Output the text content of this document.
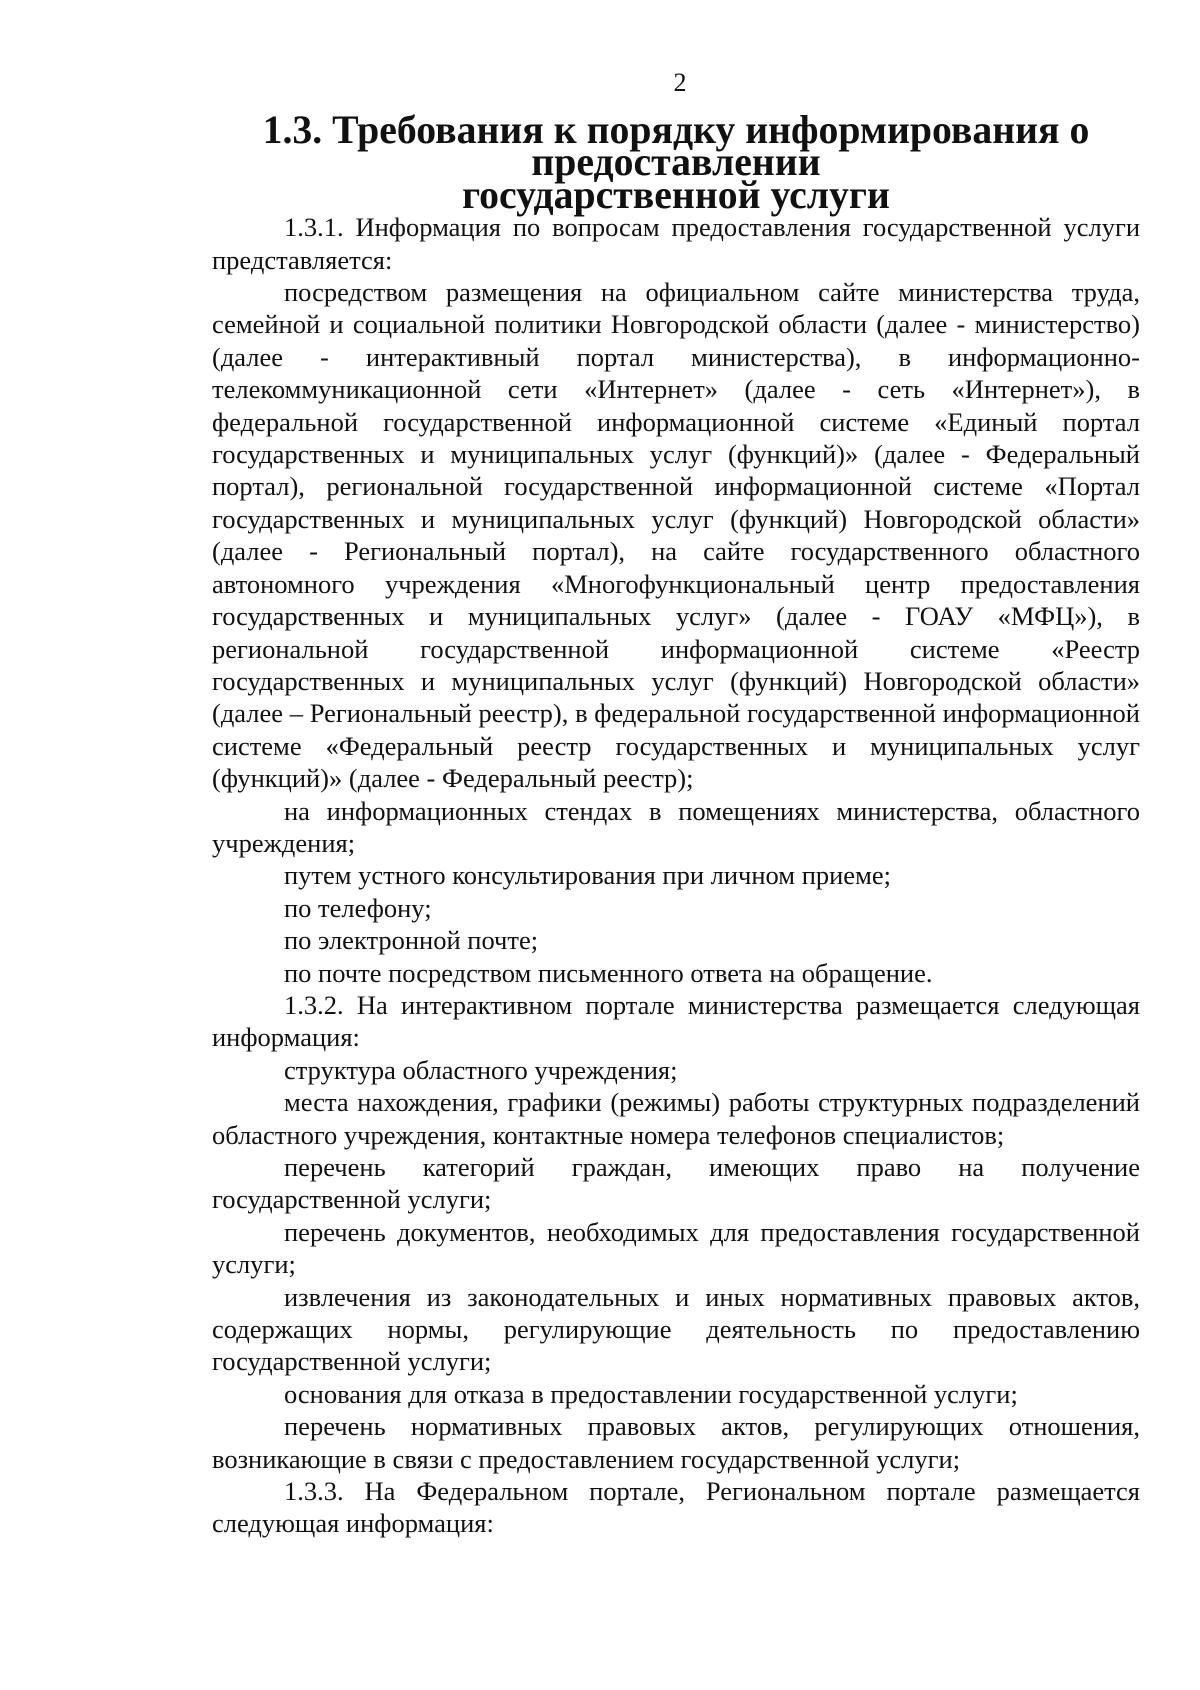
2
1.3. Требования к порядку информирования о предоставлении
государственной услуги

1.3.1. Информация по вопросам предоставления государственной услуги представляется:

посредством размещения на официальном сайте министерства труда, семейной и социальной политики Новгородской области (далее - министерство) (далее - интерактивный портал министерства), в информационно-телекоммуникационной сети «Интернет» (далее - сеть «Интернет»), в федеральной государственной информационной системе «Единый портал государственных и муниципальных услуг (функций)» (далее - Федеральный портал), региональной государственной информационной системе «Портал государственных и муниципальных услуг (функций) Новгородской области» (далее - Региональный портал), на сайте государственного областного автономного учреждения «Многофункциональный центр предоставления государственных и муниципальных услуг» (далее - ГОАУ «МФЦ»), в региональной государственной информационной системе «Реестр государственных и муниципальных услуг (функций) Новгородской области» (далее – Региональный реестр), в федеральной государственной информационной системе «Федеральный реестр государственных и муниципальных услуг (функций)» (далее - Федеральный реестр);

на информационных стендах в помещениях министерства, областного учреждения;

путем устного консультирования при личном приеме;

по телефону;

по электронной почте;

по почте посредством письменного ответа на обращение.

1.3.2. На интерактивном портале министерства размещается следующая информация:

структура областного учреждения;

места нахождения, графики (режимы) работы структурных подразделений областного учреждения, контактные номера телефонов специалистов;

перечень категорий граждан, имеющих право на получение государственной услуги;

перечень документов, необходимых для предоставления государственной услуги;

извлечения из законодательных и иных нормативных правовых актов, содержащих нормы, регулирующие деятельность по предоставлению государственной услуги;

основания для отказа в предоставлении государственной услуги;

перечень нормативных правовых актов, регулирующих отношения, возникающие в связи с предоставлением государственной услуги;

1.3.3. На Федеральном портале, Региональном портале размещается следующая информация:
